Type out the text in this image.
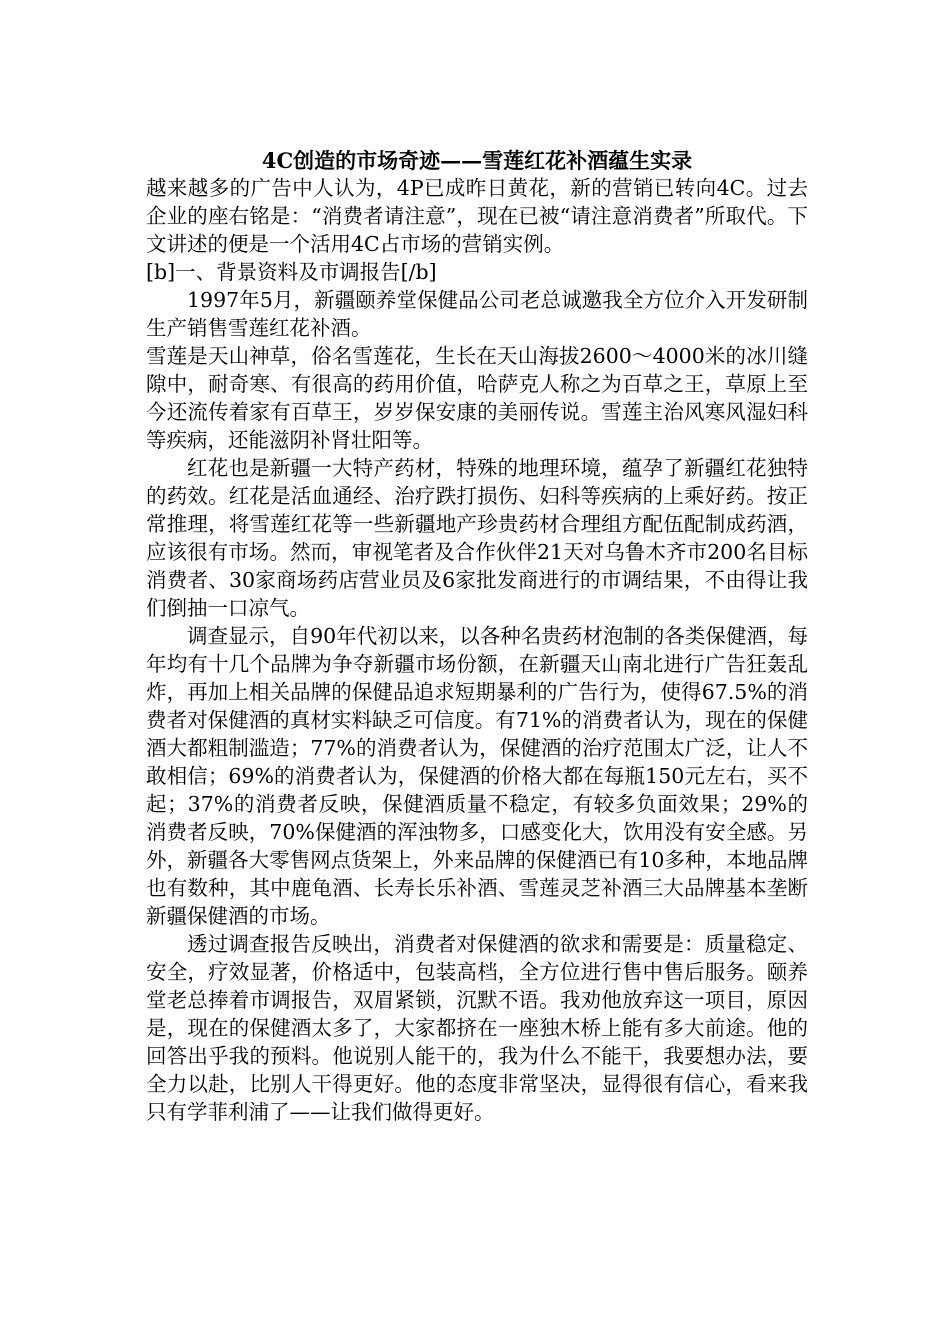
4C创造的市场奇迹——雪莲红花补酒蕴生实录

越来越多的广告中人认为，4P已成昨日黄花，新的营销已转向4C。过去企业的座右铭是：“消费者请注意”，现在已被“请注意消费者”所取代。下文讲述的便是一个活用4C占市场的营销实例。

[b]一、背景资料及市调报告[/b]

1997年5月，新疆颐养堂保健品公司老总诚邀我全方位介入开发研制生产销售雪莲红花补酒。

雪莲是天山神草，俗名雪莲花，生长在天山海拔2600～4000米的冰川缝隙中，耐奇寒、有很高的药用价值，哈萨克人称之为百草之王，草原上至今还流传着家有百草王，岁岁保安康的美丽传说。雪莲主治风寒风湿妇科等疾病，还能滋阴补肾壮阳等。

红花也是新疆一大特产药材，特殊的地理环境，蕴孕了新疆红花独特的药效。红花是活血通经、治疗跌打损伤、妇科等疾病的上乘好药。按正常推理，将雪莲红花等一些新疆地产珍贵药材合理组方配伍配制成药酒，应该很有市场。然而，审视笔者及合作伙伴21天对乌鲁木齐市200名目标消费者、30家商场药店营业员及6家批发商进行的市调结果，不由得让我们倒抽一口凉气。

调查显示，自90年代初以来，以各种名贵药材泡制的各类保健酒，每年均有十几个品牌为争夺新疆市场份额，在新疆天山南北进行广告狂轰乱炸，再加上相关品牌的保健品追求短期暴利的广告行为，使得67.5%的消费者对保健酒的真材实料缺乏可信度。有71%的消费者认为，现在的保健酒大都粗制滥造；77%的消费者认为，保健酒的治疗范围太广泛，让人不敢相信；69%的消费者认为，保健酒的价格大都在每瓶150元左右，买不起；37%的消费者反映，保健酒质量不稳定，有较多负面效果；29%的消费者反映，70%保健酒的浑浊物多，口感变化大，饮用没有安全感。另外，新疆各大零售网点货架上，外来品牌的保健酒已有10多种，本地品牌也有数种，其中鹿龟酒、长寿长乐补酒、雪莲灵芝补酒三大品牌基本垄断新疆保健酒的市场。

透过调查报告反映出，消费者对保健酒的欲求和需要是：质量稳定、安全，疗效显著，价格适中，包装高档，全方位进行售中售后服务。颐养堂老总捧着市调报告，双眉紧锁，沉默不语。我劝他放弃这一项目，原因是，现在的保健酒太多了，大家都挤在一座独木桥上能有多大前途。他的回答出乎我的预料。他说别人能干的，我为什么不能干，我要想办法，要全力以赴，比别人干得更好。他的态度非常坚决，显得很有信心，看来我只有学菲利浦了——让我们做得更好。
